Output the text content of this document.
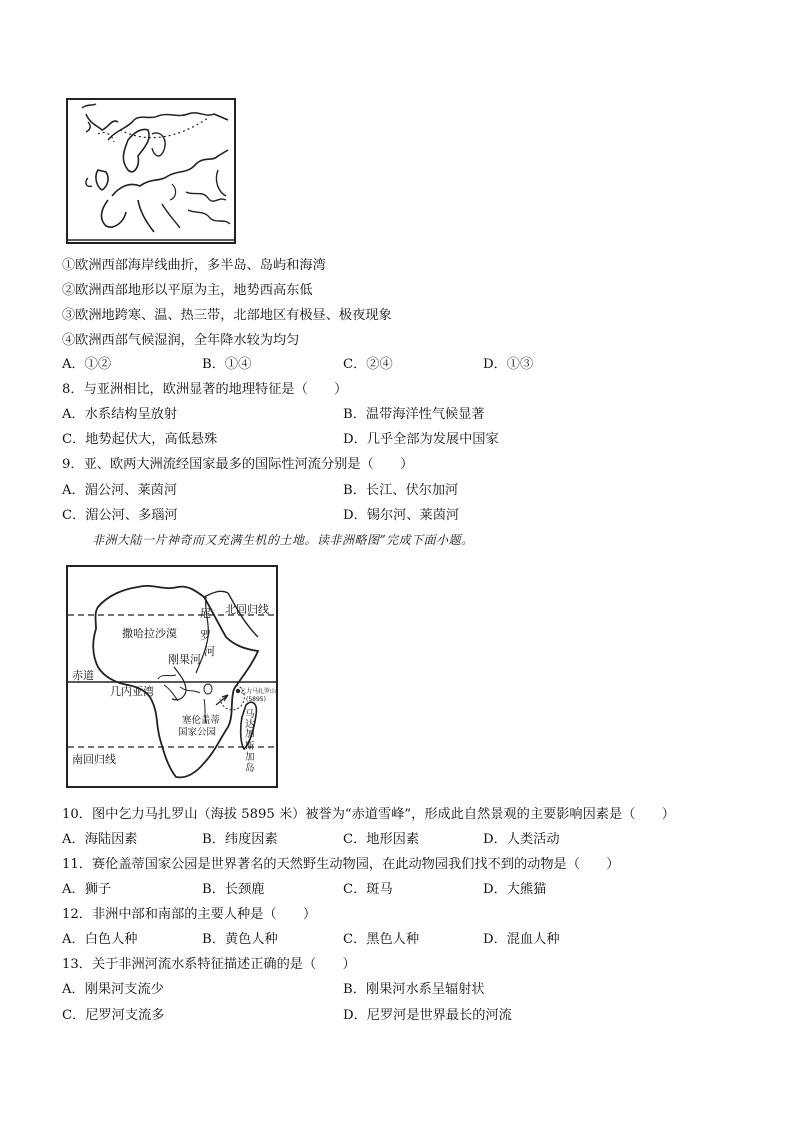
①欧洲西部海岸线曲折，多半岛、岛屿和海湾
②欧洲西部地形以平原为主，地势西高东低
③欧洲地跨寒、温、热三带，北部地区有极昼、极夜现象
④欧洲西部气候湿润，全年降水较为均匀
A．①②	B．①④	C．②④	D．①③
8．与亚洲相比，欧洲显著的地理特征是（　　）
A．水系结构呈放射	B．温带海洋性气候显著
C．地势起伏大，高低悬殊	D．几乎全部为发展中国家
9．亚、欧两大洲流经国家最多的国际性河流分别是（　　）
A．湄公河、莱茵河	B．长江、伏尔加河
C．湄公河、多瑙河	D．锡尔河、莱茵河
非洲大陆一片神奇而又充满生机的土地。读非洲略图”完成下面小题。
尼 北回归线
撒哈拉沙漠 罗
河
刚果河
赤道
几内亚湾	乞力马扎罗山
(5895)
塞伦盖蒂
国家公园
马
达
加
斯
加
岛
南回归线
10．图中乞力马扎罗山（海拔 5895 米）被誉为“赤道雪峰”，形成此自然景观的主要影响因素是（　　）
A．海陆因素	B．纬度因素	C．地形因素	D．人类活动
11．赛伦盖蒂国家公园是世界著名的天然野生动物园，在此动物园我们找不到的动物是（　　）
A．狮子	B．长颈鹿	C．斑马	D．大熊猫
12．非洲中部和南部的主要人种是（　　）
A．白色人种	B．黄色人种	C．黑色人种	D．混血人种
13．关于非洲河流水系特征描述正确的是（　　）
A．刚果河支流少	B．刚果河水系呈辐射状
C．尼罗河支流多	D．尼罗河是世界最长的河流
